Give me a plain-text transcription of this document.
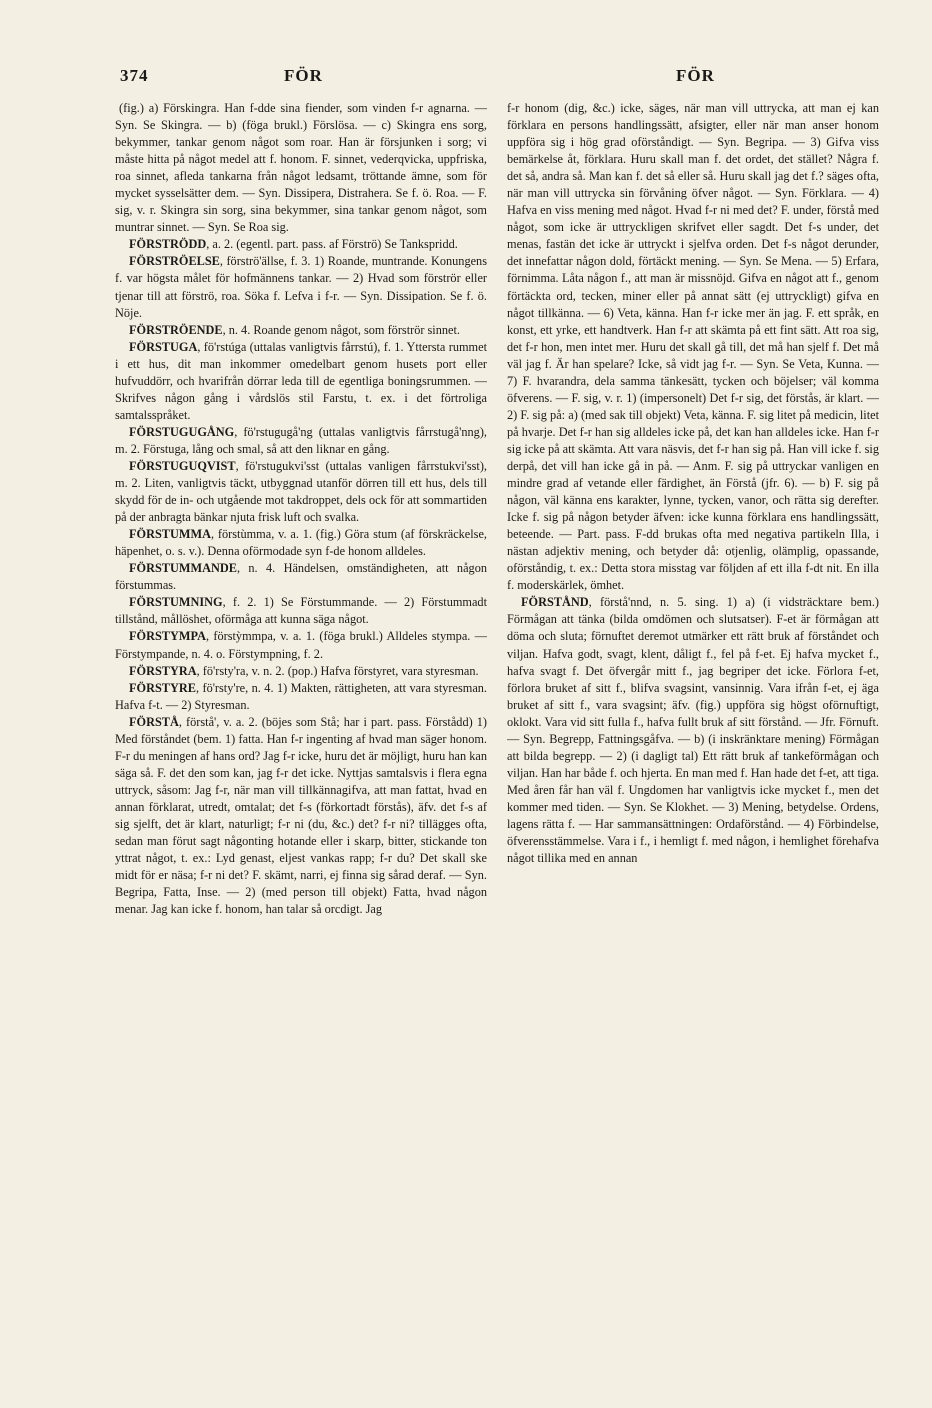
374	FÖR	FÖR

(fig.) a) Förskingra. Han f-dde sina fiender, som vinden f-r agnarna. — Syn. Se Skingra. — b) (föga brukl.) Förslösa. — c) Skingra ens sorg, bekymmer, tankar genom något som roar. Han är försjunken i sorg; vi måste hitta på något medel att f. honom. F. sinnet, vederqvicka, uppfriska, roa sinnet, afleda tankarna från något ledsamt, tröttande ämne, som för mycket sysselsätter dem. — Syn. Dissipera, Distrahera. Se f. ö. Roa. — F. sig, v. r. Skingra sin sorg, sina bekymmer, sina tankar genom något, som muntrar sinnet. — Syn. Se Roa sig.

FÖRSTRÖDD, a. 2. (egentl. part. pass. af Förströ) Se Tankspridd.

FÖRSTRÖELSE, förströ'ällse, f. 3. 1) Roande, muntrande. Konungens f. var högsta målet för hofmännens tankar. — 2) Hvad som förströr eller tjenar till att förströ, roa. Söka f. Lefva i f-r. — Syn. Dissipation. Se f. ö. Nöje.

FÖRSTRÖENDE, n. 4. Roande genom något, som förströr sinnet.

FÖRSTUGA, fö'rstúga (uttalas vanligtvis fårrstú), f. 1. Yttersta rummet i ett hus, dit man inkommer omedelbart genom husets port eller hufvuddörr, och hvarifrån dörrar leda till de egentliga boningsrummen. — Skrifves någon gång i vårdslös stil Farstu, t. ex. i det förtroliga samtalsspråket.

FÖRSTUGUGÅNG, fö'rstugugå'ng (uttalas vanligtvis fårrstugå'nng), m. 2. Förstuga, lång och smal, så att den liknar en gång.

FÖRSTUGUQVIST, fö'rstugukvi'sst (uttalas vanligen fårrstukvi'sst), m. 2. Liten, vanligtvis täckt, utbyggnad utanför dörren till ett hus, dels till skydd för de in- och utgående mot takdroppet, dels ock för att sommartiden på der anbragta bänkar njuta frisk luft och svalka.

FÖRSTUMMA, förstùmma, v. a. 1. (fig.) Göra stum (af förskräckelse, häpenhet, o. s. v.). Denna oförmodade syn f-de honom alldeles.

FÖRSTUMMANDE, n. 4. Händelsen, omständigheten, att någon förstummas.

FÖRSTUMNING, f. 2. 1) Se Förstummande. — 2) Förstummadt tillstånd, mållöshet, oförmåga att kunna säga något.

FÖRSTYMPA, förstỳmmpa, v. a. 1. (föga brukl.) Alldeles stympa. — Förstympande, n. 4. o. Förstympning, f. 2.

FÖRSTYRA, fö'rsty'ra, v. n. 2. (pop.) Hafva förstyret, vara styresman.

FÖRSTYRE, fö'rsty're, n. 4. 1) Makten, rättigheten, att vara styresman. Hafva f-t. — 2) Styresman.

FÖRSTÅ, förstå', v. a. 2. (böjes som Stå; har i part. pass. Förstådd) 1) Med förståndet (bem. 1) fatta. Han f-r ingenting af hvad man säger honom. F-r du meningen af hans ord? Jag f-r icke, huru det är möjligt, huru han kan säga så. F. det den som kan, jag f-r det icke. Nyttjas samtalsvis i flera egna uttryck, såsom: Jag f-r, när man vill tillkännagifva, att man fattat, hvad en annan förklarat, utredt, omtalat; det f-s (förkortadt förstås), äfv. det f-s af sig sjelft, det är klart, naturligt; f-r ni (du, &c.) det? f-r ni? tillägges ofta, sedan man förut sagt någonting hotande eller i skarp, bitter, stickande ton yttrat något, t. ex.: Lyd genast, eljest vankas rapp; f-r du? Det skall ske midt för er näsa; f-r ni det? F. skämt, narri, ej finna sig sårad deraf. — Syn. Begripa, Fatta, Inse. — 2) (med person till objekt) Fatta, hvad någon menar. Jag kan icke f. honom, han talar så orcdigt. Jag

f-r honom (dig, &c.) icke, säges, när man vill uttrycka, att man ej kan förklara en persons handlingssätt, afsigter, eller när man anser honom uppföra sig i hög grad oförståndigt. — Syn. Begripa. — 3) Gifva viss bemärkelse åt, förklara. Huru skall man f. det ordet, det stället? Några f. det så, andra så. Man kan f. det så eller så. Huru skall jag det f.? säges ofta, när man vill uttrycka sin förvåning öfver något. — Syn. Förklara. — 4) Hafva en viss mening med något. Hvad f-r ni med det? F. under, förstå med något, som icke är uttryckligen skrifvet eller sagdt. Det f-s under, det menas, fastän det icke är uttryckt i sjelfva orden. Det f-s något derunder, det innefattar någon dold, förtäckt mening. — Syn. Se Mena. — 5) Erfara, förnimma. Låta någon f., att man är missnöjd. Gifva en något att f., genom förtäckta ord, tecken, miner eller på annat sätt (ej uttryckligt) gifva en något tillkänna. — 6) Veta, känna. Han f-r icke mer än jag. F. ett språk, en konst, ett yrke, ett handtverk. Han f-r att skämta på ett fint sätt. Att roa sig, det f-r hon, men intet mer. Huru det skall gå till, det må han sjelf f. Det må väl jag f. Är han spelare? Icke, så vidt jag f-r. — Syn. Se Veta, Kunna. — 7) F. hvarandra, dela samma tänkesätt, tycken och böjelser; väl komma öfverens. — F. sig, v. r. 1) (impersonelt) Det f-r sig, det förstås, är klart. — 2) F. sig på: a) (med sak till objekt) Veta, känna. F. sig litet på medicin, litet på hvarje. Det f-r han sig alldeles icke på, det kan han alldeles icke. Han f-r sig icke på att skämta. Att vara näsvis, det f-r han sig på. Han vill icke f. sig derpå, det vill han icke gå in på. — Anm. F. sig på uttryckar vanligen en mindre grad af vetande eller färdighet, än Förstå (jfr. 6). — b) F. sig på någon, väl känna ens karakter, lynne, tycken, vanor, och rätta sig derefter. Icke f. sig på någon betyder äfven: icke kunna förklara ens handlingssätt, beteende. — Part. pass. F-dd brukas ofta med negativa partikeln Illa, i nästan adjektiv mening, och betyder då: otjenlig, olämplig, opassande, oförståndig, t. ex.: Detta stora misstag var följden af ett illa f-dt nit. En illa f. moderskärlek, ömhet.

FÖRSTÅND, förstå'nnd, n. 5. sing. 1) a) (i vidsträcktare bem.) Förmågan att tänka (bilda omdömen och slutsatser). F-et är förmågan att döma och sluta; förnuftet deremot utmärker ett rätt bruk af förståndet och viljan. Hafva godt, svagt, klent, dåligt f., fel på f-et. Ej hafva mycket f., hafva svagt f. Det öfvergår mitt f., jag begriper det icke. Förlora f-et, förlora bruket af sitt f., blifva svagsint, vansinnig. Vara ifrån f-et, ej äga bruket af sitt f., vara svagsint; äfv. (fig.) uppföra sig högst oförnuftigt, oklokt. Vara vid sitt fulla f., hafva fullt bruk af sitt förstånd. — Jfr. Förnuft. — Syn. Begrepp, Fattningsgåfva. — b) (i inskränktare mening) Förmågan att bilda begrepp. — 2) (i dagligt tal) Ett rätt bruk af tankeförmågan och viljan. Han har både f. och hjerta. En man med f. Han hade det f-et, att tiga. Med åren får han väl f. Ungdomen har vanligtvis icke mycket f., men det kommer med tiden. — Syn. Se Klokhet. — 3) Mening, betydelse. Ordens, lagens rätta f. — Har sammansättningen: Ordaförstånd. — 4) Förbindelse, öfverensstämmelse. Vara i f., i hemligt f. med någon, i hemlighet förehafva något tillika med en annan
